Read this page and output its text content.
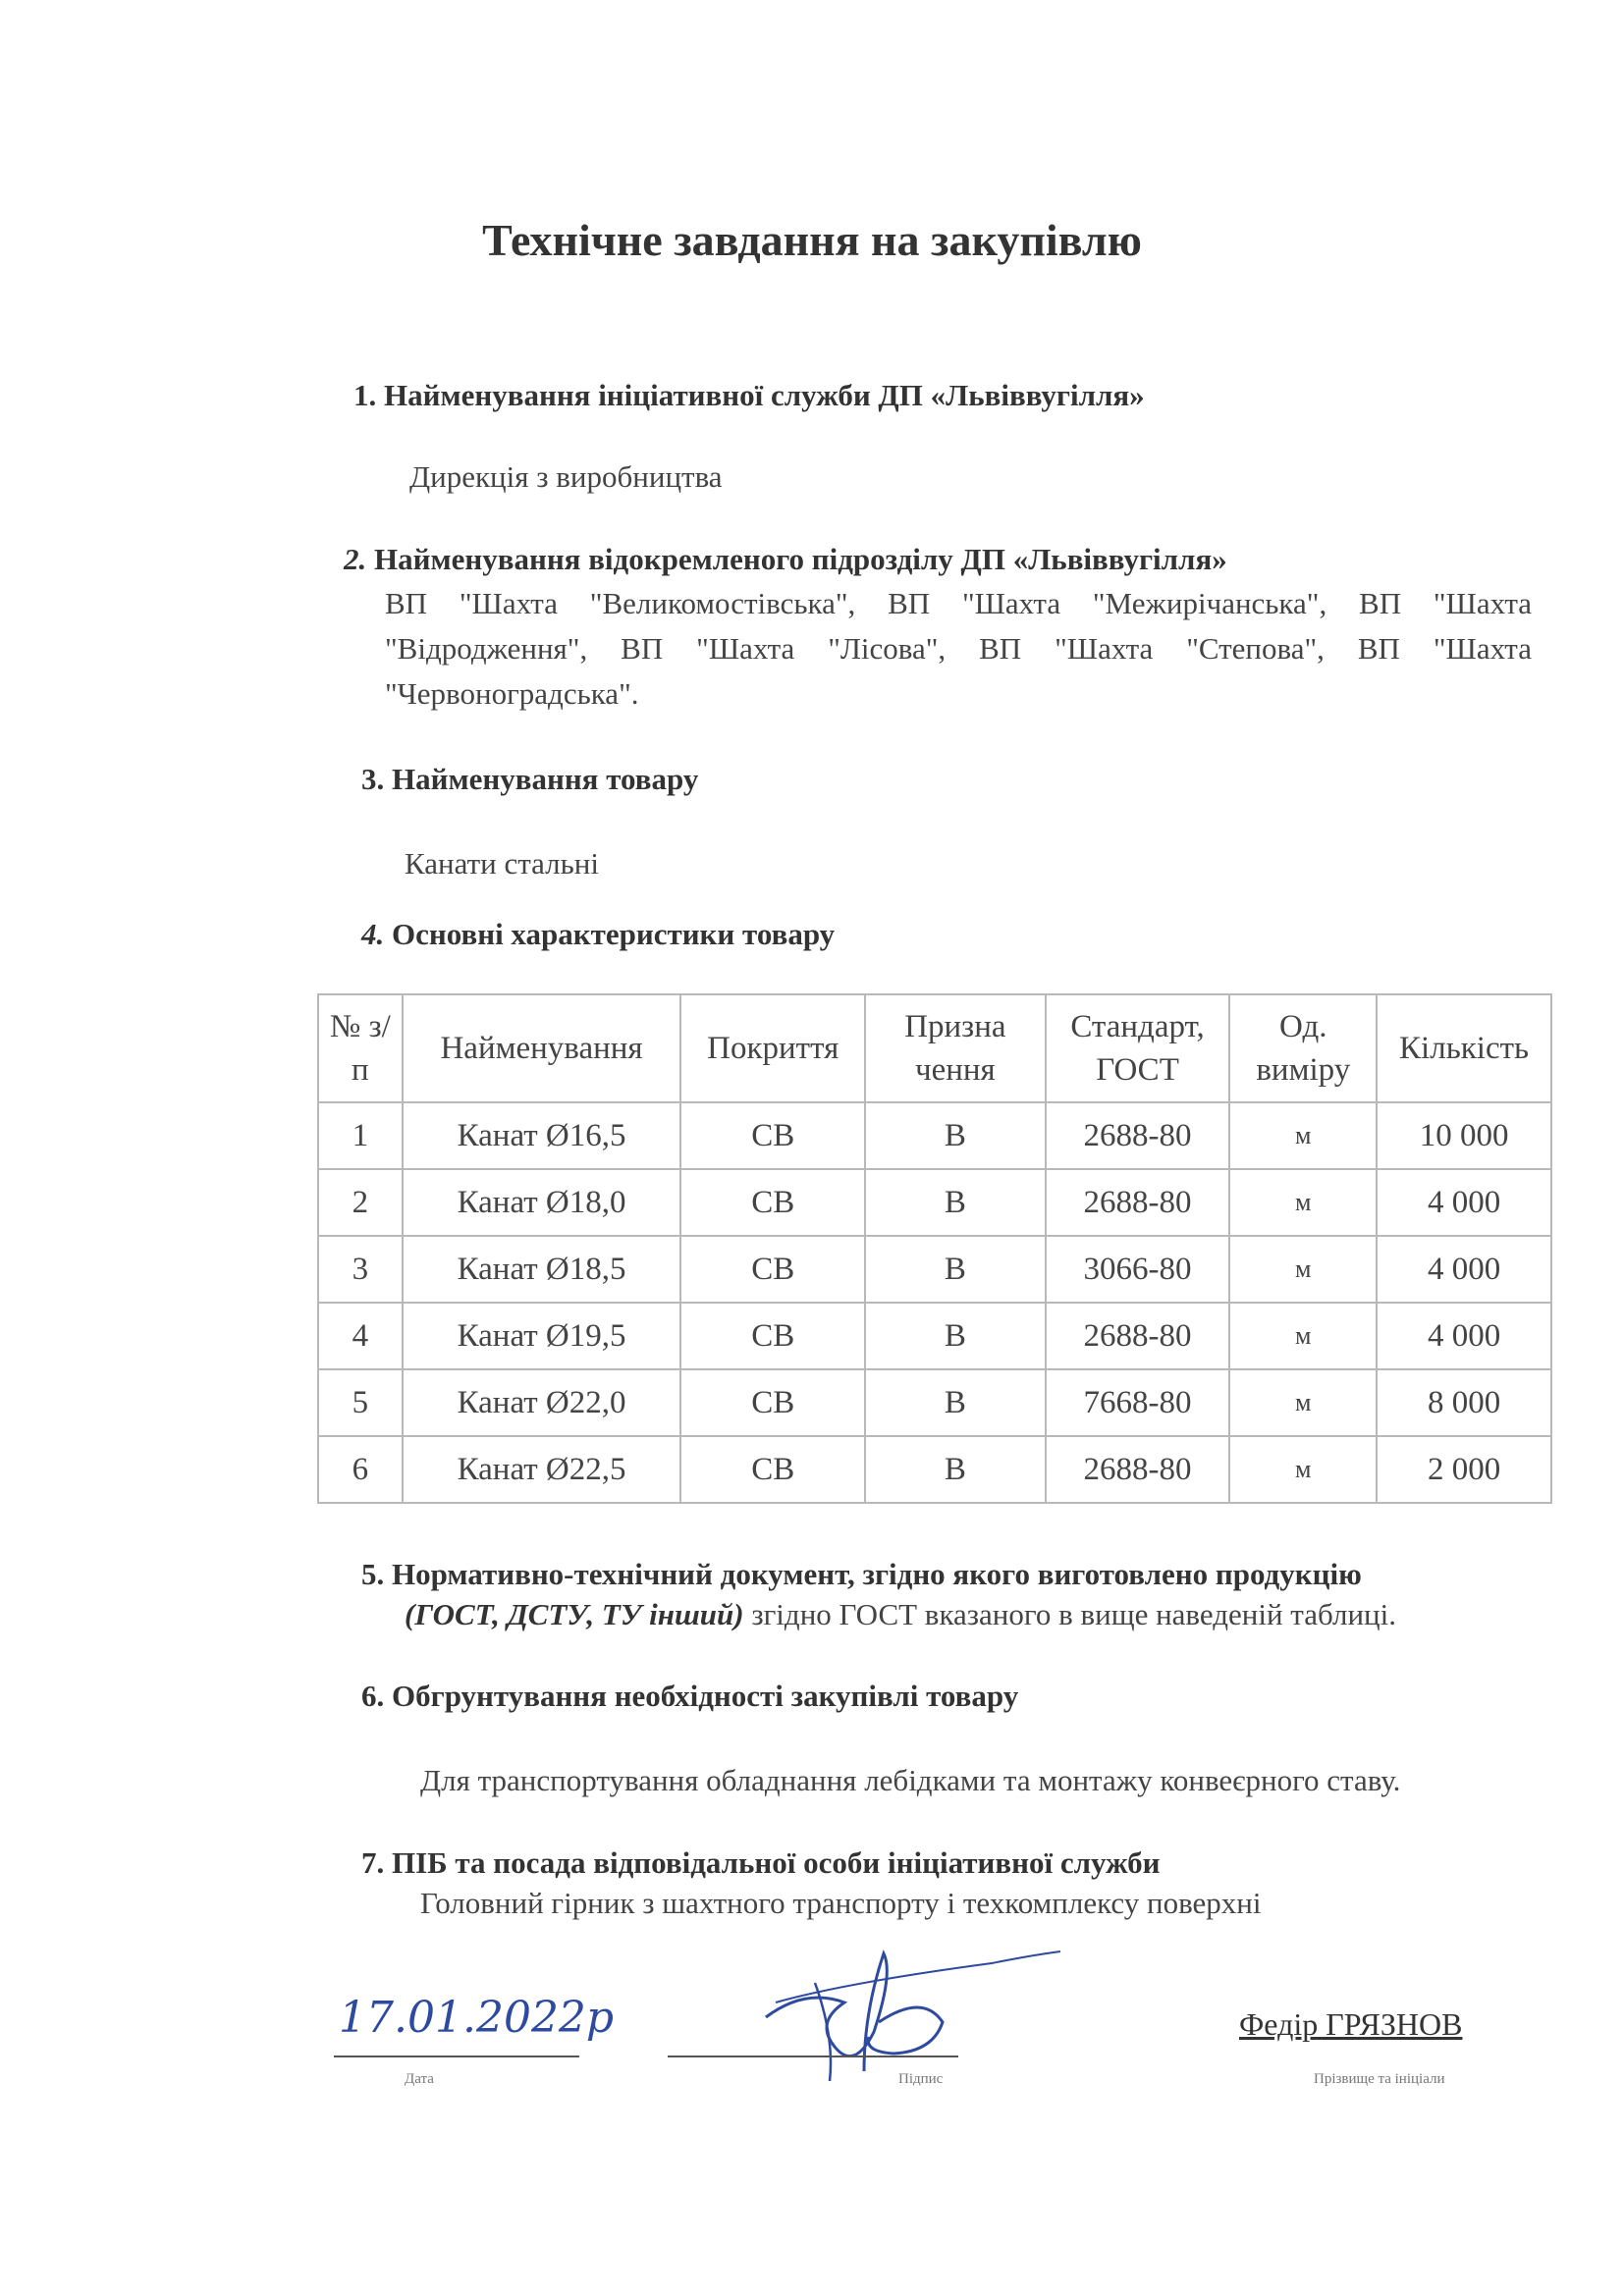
Технічне завдання на закупівлю
1. Найменування ініціативної служби ДП «Львіввугілля»
Дирекція з виробництва
2. Найменування відокремленого підрозділу ДП «Львіввугілля»
ВП "Шахта "Великомостівська", ВП "Шахта "Межирічанська", ВП "Шахта "Відродження", ВП "Шахта "Лісова", ВП "Шахта "Степова", ВП "Шахта "Червоноградська".
3. Найменування товару
Канати стальні
4. Основні характеристики товару
№ з/п	Найменування	Покриття	Призна чення	Стандарт, ГОСТ	Од. виміру	Кількість
1	Канат Ø16,5	СВ	В	2688-80	м	10 000
2	Канат Ø18,0	СВ	В	2688-80	м	4 000
3	Канат Ø18,5	СВ	В	3066-80	м	4 000
4	Канат Ø19,5	СВ	В	2688-80	м	4 000
5	Канат Ø22,0	СВ	В	7668-80	м	8 000
6	Канат Ø22,5	СВ	В	2688-80	м	2 000
5. Нормативно-технічний документ, згідно якого виготовлено продукцію
(ГОСТ, ДСТУ, ТУ інший) згідно ГОСТ вказаного в вище наведеній таблиці.
6. Обгрунтування необхідності закупівлі товару
Для транспортування обладнання лебідками та монтажу конвеєрного ставу.
7. ПІБ та посада відповідальної особи ініціативної служби
Головний гірник з шахтного транспорту і техкомплексу поверхні
17.01.2022р
Дата	Підпис
Федір ГРЯЗНОВ
Прізвище та ініціали
